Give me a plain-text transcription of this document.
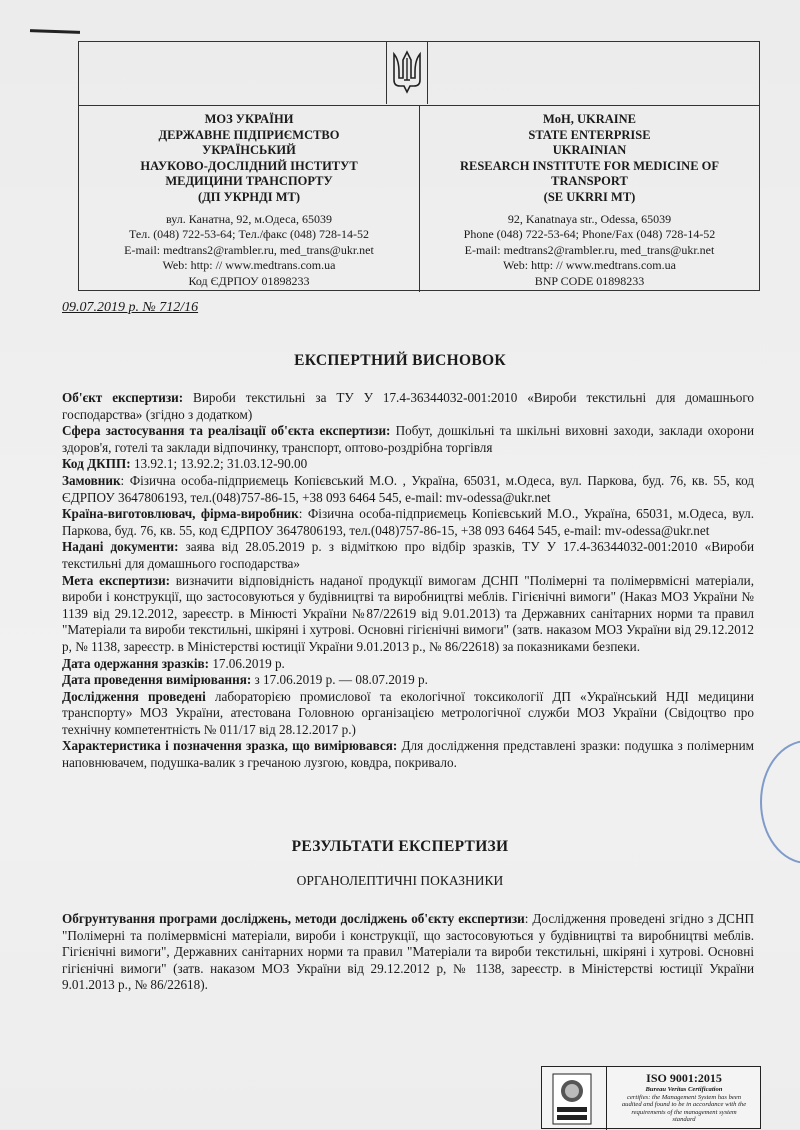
МОЗ УКРАЇНИ
ДЕРЖАВНЕ ПІДПРИЄМСТВО
УКРАЇНСЬКИЙ
НАУКОВО-ДОСЛІДНИЙ ІНСТИТУТ
МЕДИЦИНИ ТРАНСПОРТУ
(ДП УКРНДІ МТ)
вул. Канатна, 92, м.Одеса, 65039
Тел. (048) 722-53-64; Тел./факс (048) 728-14-52
E-mail: medtrans2@rambler.ru, med_trans@ukr.net
Web: http: // www.medtrans.com.ua
Код ЄДРПОУ 01898233
MoH, UKRAINE
STATE ENTERPRISE
UKRAINIAN
RESEARCH INSTITUTE FOR MEDICINE OF
TRANSPORT
(SE UKRRI MT)
92, Kanatnaya str., Odessa, 65039
Phone (048) 722-53-64; Phone/Fax (048) 728-14-52
E-mail: medtrans2@rambler.ru, med_trans@ukr.net
Web: http: // www.medtrans.com.ua
BNP CODE 01898233
09.07.2019 р. № 712/16
ЕКСПЕРТНИЙ ВИСНОВОК

Об'єкт експертизи: Вироби текстильні за ТУ У 17.4-36344032-001:2010 «Вироби текстильні для домашнього господарства» (згідно з додатком)

Сфера застосування та реалізації об'єкта експертизи: Побут, дошкільні та шкільні виховні заходи, заклади охорони здоров'я, готелі та заклади відпочинку, транспорт, оптово-роздрібна торгівля

Код ДКПП: 13.92.1; 13.92.2; 31.03.12-90.00

Замовник: Фізична особа-підприємець Копієвський М.О. , Україна, 65031, м.Одеса, вул. Паркова, буд. 76, кв. 55, код ЄДРПОУ 3647806193, тел.(048)757-86-15, +38 093 6464 545, e-mail: mv-odessa@ukr.net

Країна-виготовлювач, фірма-виробник: Фізична особа-підприємець Копієвський М.О., Україна, 65031, м.Одеса, вул. Паркова, буд. 76, кв. 55, код ЄДРПОУ 3647806193, тел.(048)757-86-15, +38 093 6464 545, e-mail: mv-odessa@ukr.net

Надані документи: заява від 28.05.2019 р. з відміткою про відбір зразків, ТУ У 17.4-36344032-001:2010 «Вироби текстильні для домашнього господарства»

Мета експертизи: визначити відповідність наданої продукції вимогам ДСНП "Полімерні та полімервмісні матеріали, вироби і конструкції, що застосовуються у будівництві та виробництві меблів. Гігієнічні вимоги" (Наказ МОЗ України № 1139 від 29.12.2012, зареєстр. в Мінюсті України №87/22619 від 9.01.2013) та Державних санітарних норми та правил "Матеріали та вироби текстильні, шкіряні і хутрові. Основні гігієнічні вимоги" (затв. наказом МОЗ України від 29.12.2012 р, № 1138, зареєстр. в Міністерстві юстиції України 9.01.2013 р., № 86/22618) за показниками безпеки.

Дата одержання зразків: 17.06.2019 р.

Дата проведення вимірювання: з 17.06.2019 р. — 08.07.2019 р.

Дослідження проведені лабораторією промислової та екологічної токсикології ДП «Український НДІ медицини транспорту» МОЗ України, атестована Головною організацією метрологічної служби МОЗ України (Свідоцтво про технічну компетентність № 011/17 від 28.12.2017 р.)

Характеристика і позначення зразка, що вимірювався: Для дослідження представлені зразки: подушка з полімерним наповнювачем, подушка-валик з гречаною лузгою, ковдра, покривало.

РЕЗУЛЬТАТИ ЕКСПЕРТИЗИ
ОРГАНОЛЕПТИЧНІ ПОКАЗНИКИ

Обгрунтування програми досліджень, методи досліджень об'єкту експертизи: Дослідження проведені згідно з ДСНП "Полімерні та полімервмісні матеріали, вироби і конструкції, що застосовуються у будівництві та виробництві меблів. Гігієнічні вимоги", Державних санітарних норми та правил "Матеріали та вироби текстильні, шкіряні і хутрові. Основні гігієнічні вимоги" (затв. наказом МОЗ України від 29.12.2012 р, № 1138, зареєстр. в Міністерстві юстиції України 9.01.2013 р., № 86/22618).

ISO 9001:2015
Bureau Veritas Certification
certifies: the Management System has been
audited and found to be in accordance with the
requirements of the management system
standard
